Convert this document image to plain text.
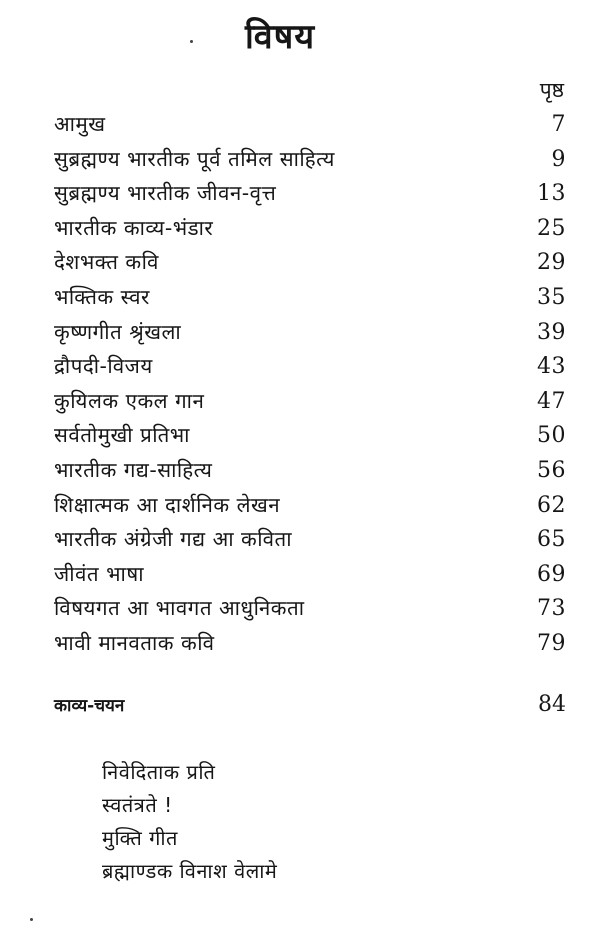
विषय
पृष्ठ
आमुख	7
सुब्रह्मण्य भारतीक पूर्व तमिल साहित्य	9
सुब्रह्मण्य भारतीक जीवन-वृत्त	13
भारतीक काव्य-भंडार	25
देशभक्त कवि	29
भक्तिक स्वर	35
कृष्णगीत श्रृंखला	39
द्रौपदी-विजय	43
कुयिलक एकल गान	47
सर्वतोमुखी प्रतिभा	50
भारतीक गद्य-साहित्य	56
शिक्षात्मक आ दार्शनिक लेखन	62
भारतीक अंग्रेजी गद्य आ कविता	65
जीवंत भाषा	69
विषयगत आ भावगत आधुनिकता	73
भावी मानवताक कवि	79
काव्य-चयन	84
निवेदिताक प्रति
स्वतंत्रते !
मुक्ति गीत
ब्रह्माण्डक विनाश वेलामे
